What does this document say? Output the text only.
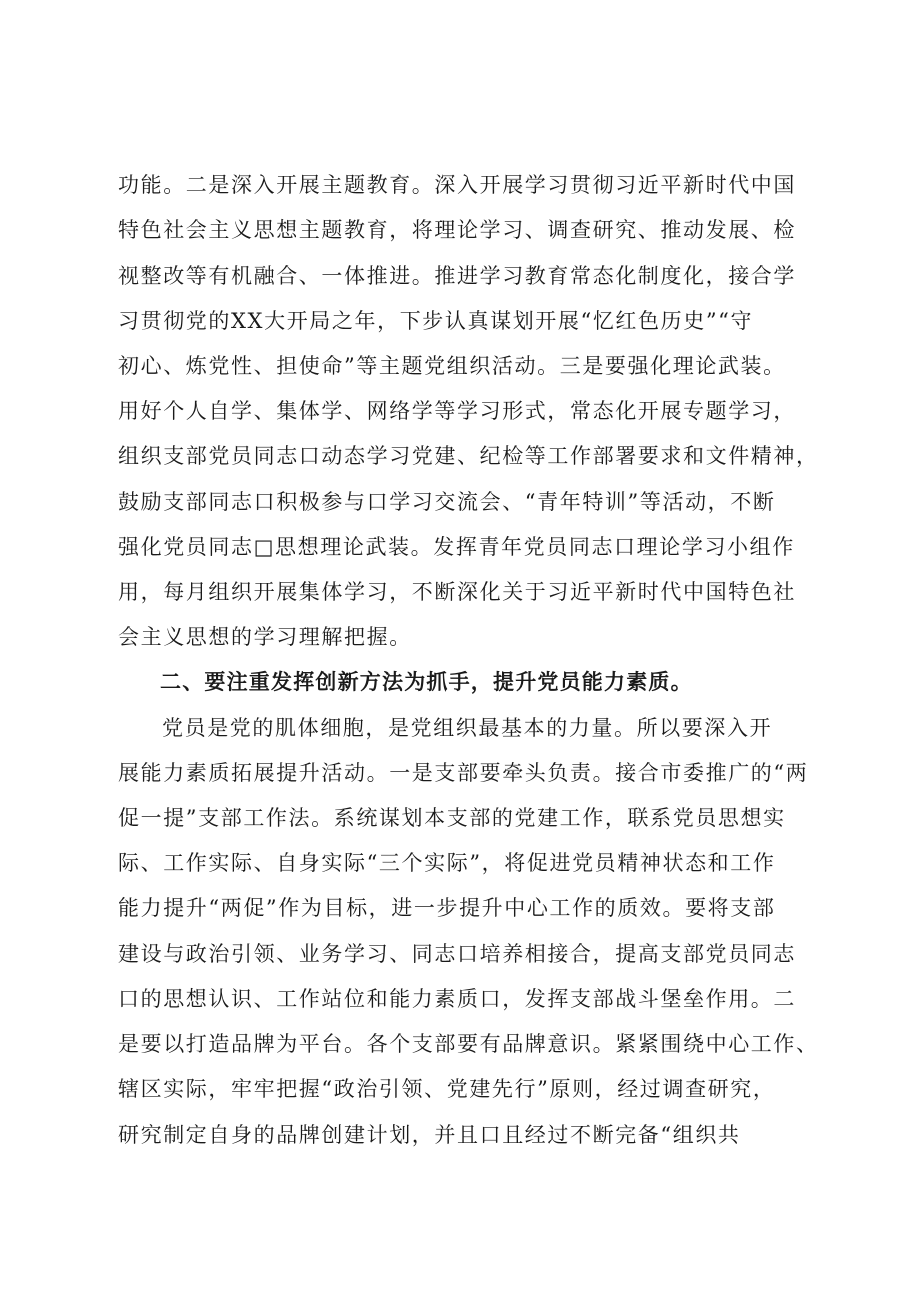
功能。二是深入开展主题教育。深入开展学习贯彻习近平新时代中国
特色社会主义思想主题教育，将理论学习、调查研究、推动发展、检
视整改等有机融合、一体推进。推进学习教育常态化制度化，接合学
习贯彻党的XX大开局之年，下步认真谋划开展“忆红色历史”“守
初心、炼党性、担使命”等主题党组织活动。三是要强化理论武装。
用好个人自学、集体学、网络学等学习形式，常态化开展专题学习，
组织支部党员同志口动态学习党建、纪检等工作部署要求和文件精神，
鼓励支部同志口积极参与口学习交流会、“青年特训”等活动，不断
强化党员同志□思想理论武装。发挥青年党员同志口理论学习小组作
用，每月组织开展集体学习，不断深化关于习近平新时代中国特色社
会主义思想的学习理解把握。
二、要注重发挥创新方法为抓手，提升党员能力素质。
党员是党的肌体细胞，是党组织最基本的力量。所以要深入开
展能力素质拓展提升活动。一是支部要牵头负责。接合市委推广的“两
促一提”支部工作法。系统谋划本支部的党建工作，联系党员思想实
际、工作实际、自身实际“三个实际”，将促进党员精神状态和工作
能力提升“两促”作为目标，进一步提升中心工作的质效。要将支部
建设与政治引领、业务学习、同志口培养相接合，提高支部党员同志
口的思想认识、工作站位和能力素质口，发挥支部战斗堡垒作用。二
是要以打造品牌为平台。各个支部要有品牌意识。紧紧围绕中心工作、
辖区实际，牢牢把握“政治引领、党建先行”原则，经过调查研究，
研究制定自身的品牌创建计划，并且口且经过不断完备“组织共
